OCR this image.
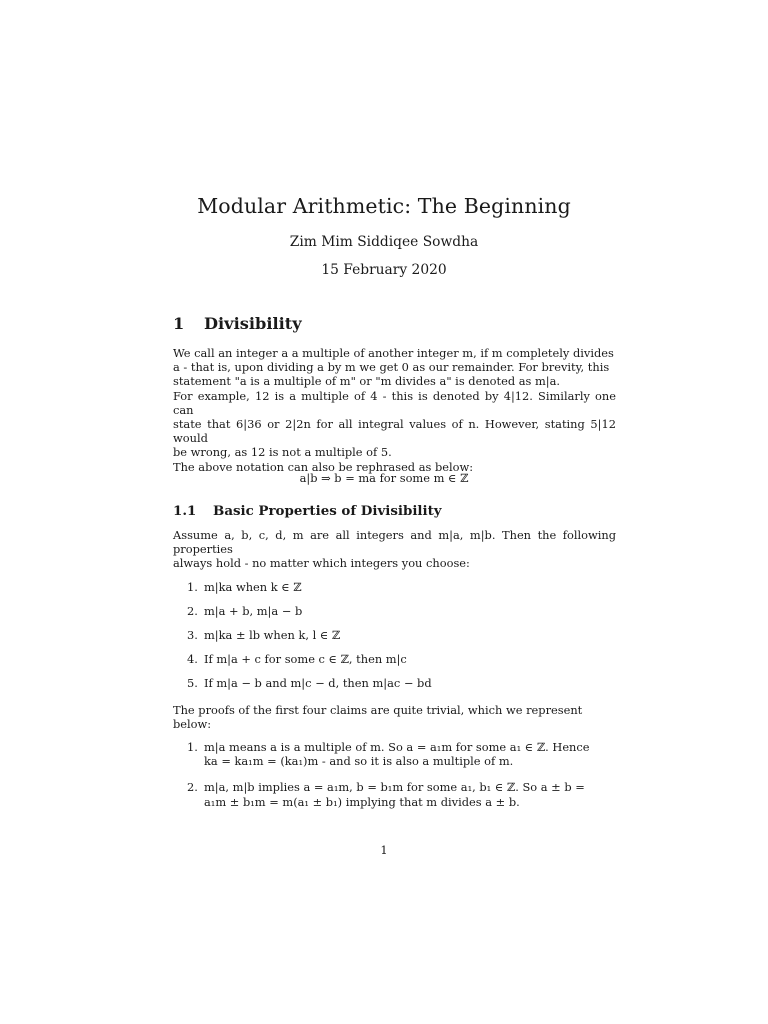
Modular Arithmetic: The Beginning
Zim Mim Siddiqee Sowdha
15 February 2020
1 Divisibility
We call an integer a a multiple of another integer m, if m completely divides
a - that is, upon dividing a by m we get 0 as our remainder. For brevity, this
statement "a is a multiple of m" or "m divides a" is denoted as m|a.
For example, 12 is a multiple of 4 - this is denoted by 4|12. Similarly one can
state that 6|36 or 2|2n for all integral values of n. However, stating 5|12 would
be wrong, as 12 is not a multiple of 5.
The above notation can also be rephrased as below:
a|b ⇒ b = ma for some m ∈ ℤ
1.1 Basic Properties of Divisibility
Assume a, b, c, d, m are all integers and m|a, m|b. Then the following properties
always hold - no matter which integers you choose:
1. m|ka when k ∈ ℤ
2. m|a + b, m|a − b
3. m|ka ± lb when k, l ∈ ℤ
4. If m|a + c for some c ∈ ℤ, then m|c
5. If m|a − b and m|c − d, then m|ac − bd
The proofs of the first four claims are quite trivial, which we represent below:
1. m|a means a is a multiple of m. So a = a₁m for some a₁ ∈ ℤ. Hence
ka = ka₁m = (ka₁)m - and so it is also a multiple of m.
2. m|a, m|b implies a = a₁m, b = b₁m for some a₁, b₁ ∈ ℤ. So a ± b =
a₁m ± b₁m = m(a₁ ± b₁) implying that m divides a ± b.
1
